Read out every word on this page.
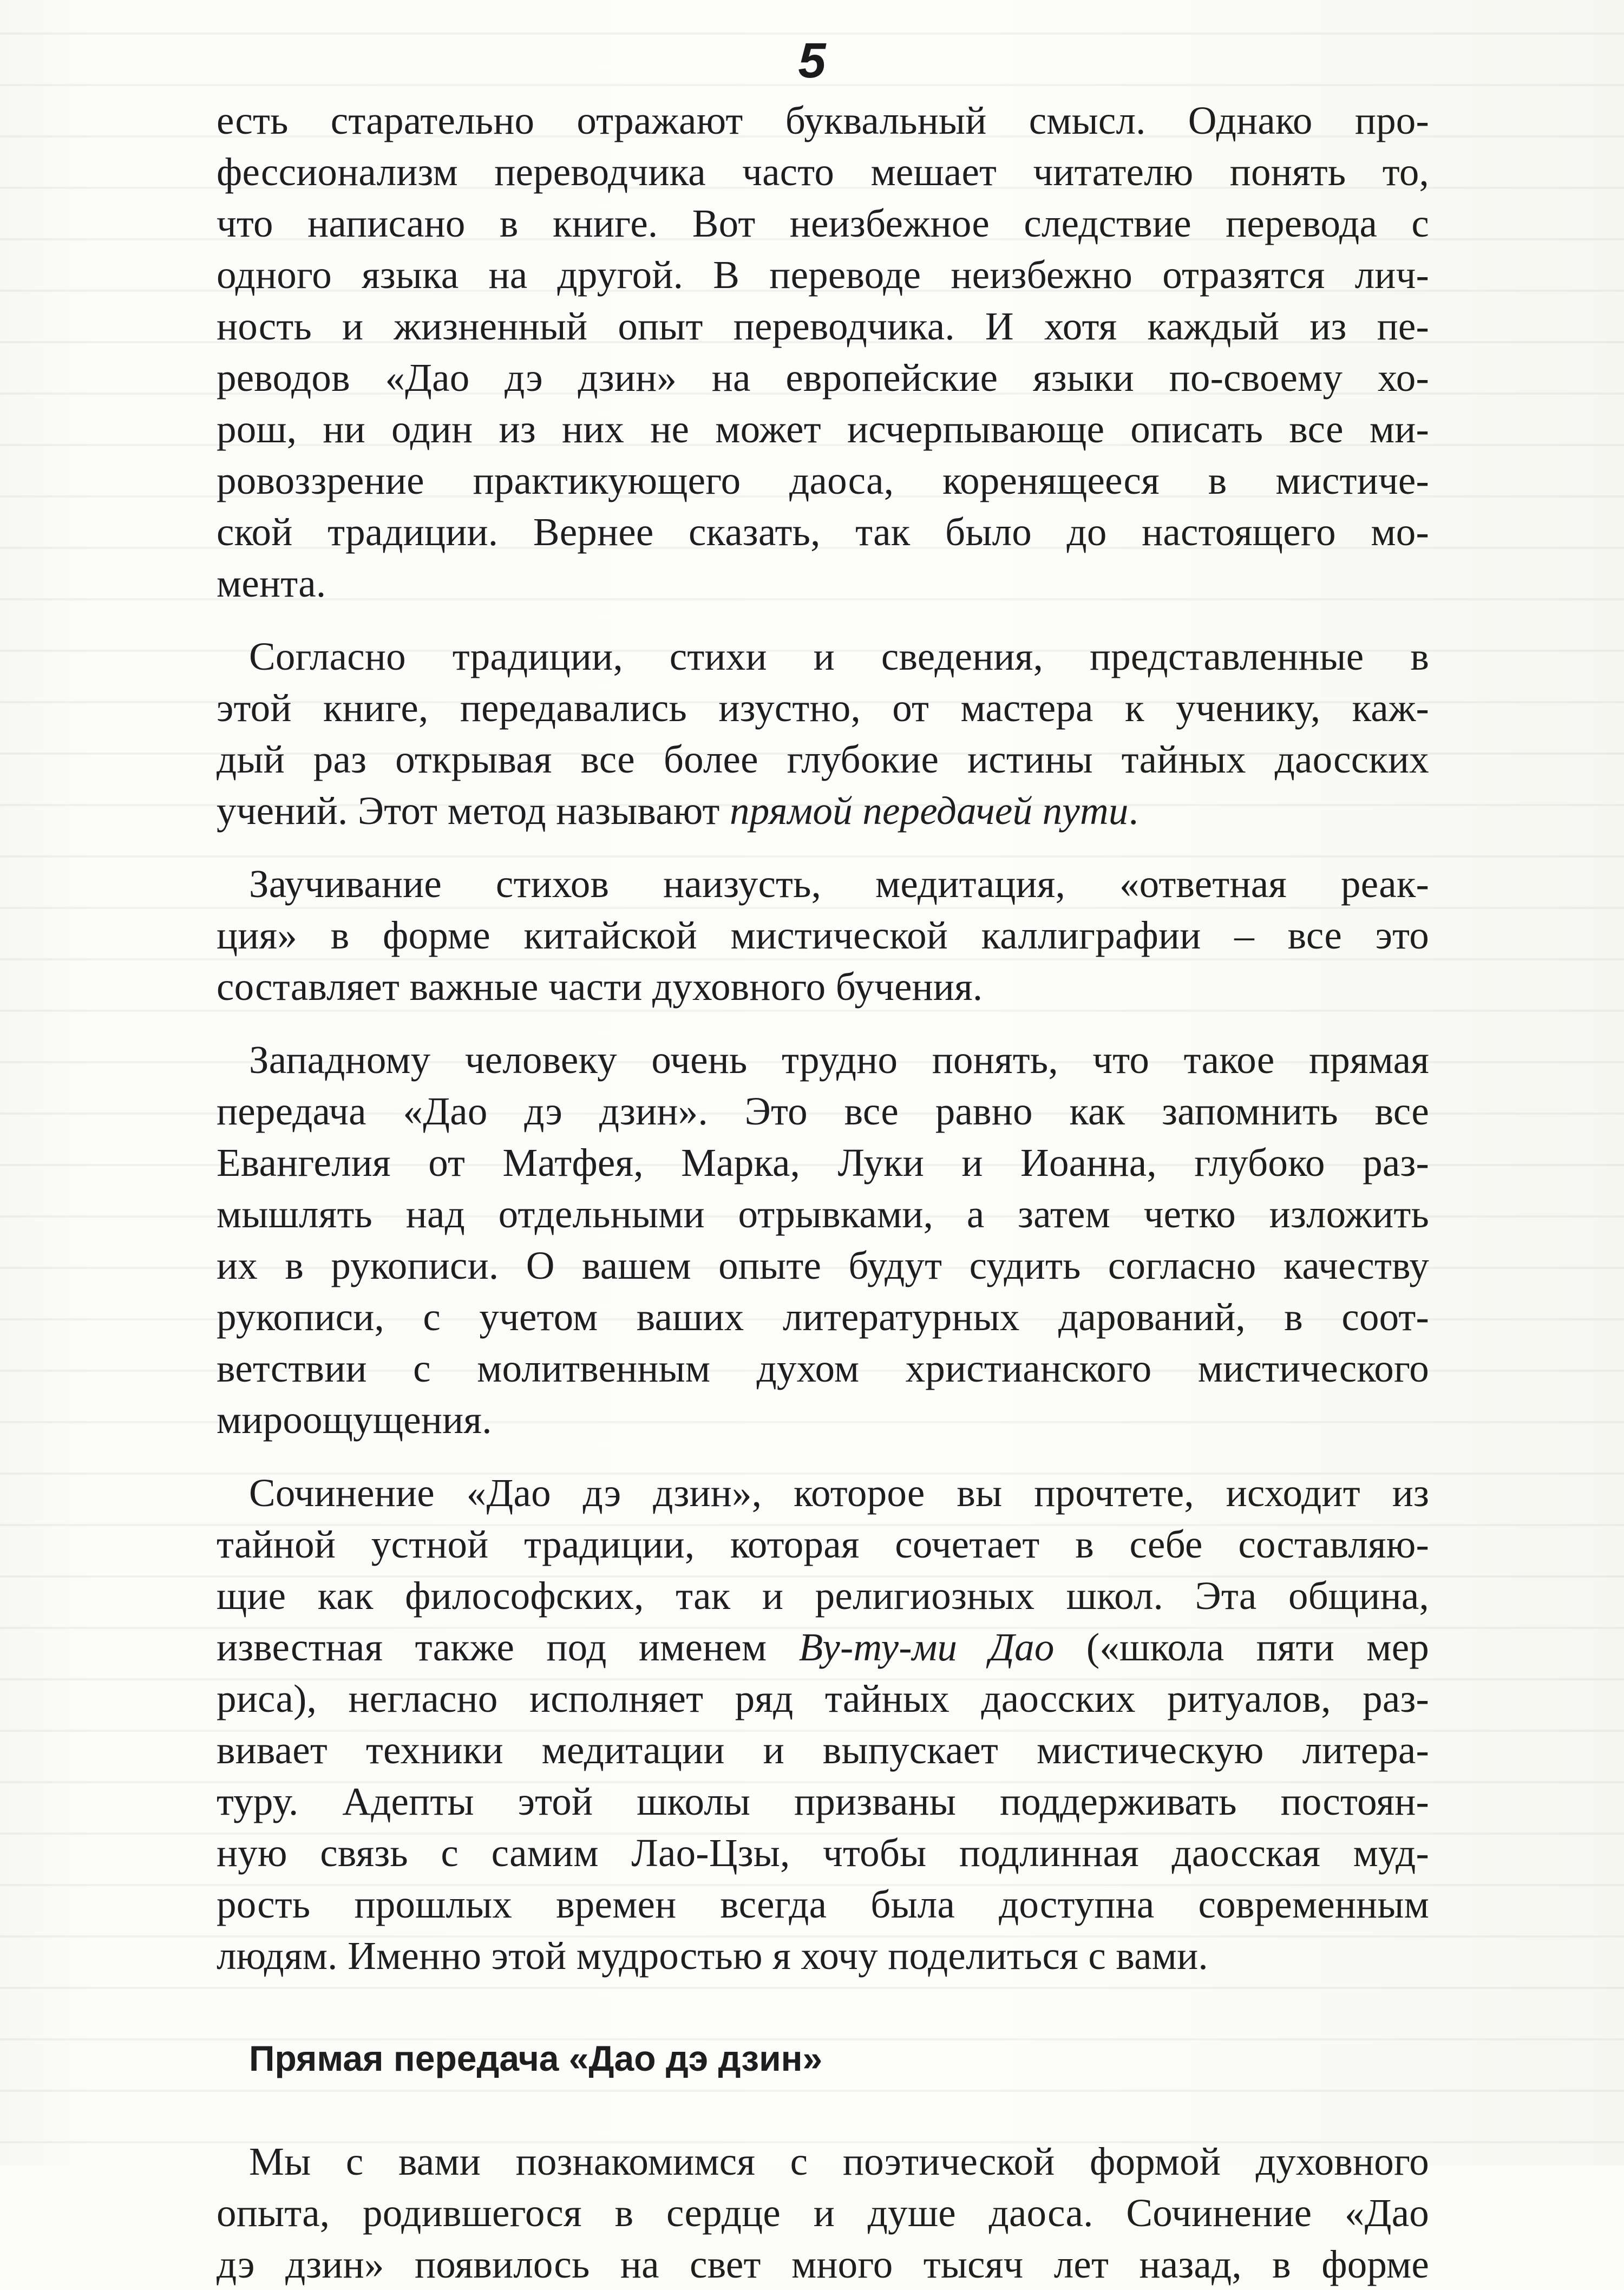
5
есть старательно отражают буквальный смысл. Однако про-
фессионализм переводчика часто мешает читателю понять то,
что написано в книге. Вот неизбежное следствие перевода с
одного языка на другой. В переводе неизбежно отразятся лич-
ность и жизненный опыт переводчика. И хотя каждый из пе-
реводов «Дао дэ дзин» на европейские языки по-своему хо-
рош, ни один из них не может исчерпывающе описать все ми-
ровоззрение практикующего даоса, коренящееся в мистиче-
ской традиции. Вернее сказать, так было до настоящего мо-
мента.
Согласно традиции, стихи и сведения, представленные в
этой книге, передавались изустно, от мастера к ученику, каж-
дый раз открывая все более глубокие истины тайных даосских
учений. Этот метод называют прямой передачей пути.
Заучивание стихов наизусть, медитация, «ответная реак-
ция» в форме китайской мистической каллиграфии – все это
составляет важные части духовного бучения.
Западному человеку очень трудно понять, что такое прямая
передача «Дао дэ дзин». Это все равно как запомнить все
Евангелия от Матфея, Марка, Луки и Иоанна, глубоко раз-
мышлять над отдельными отрывками, а затем четко изложить
их в рукописи. О вашем опыте будут судить согласно качеству
рукописи, с учетом ваших литературных дарований, в соот-
ветствии с молитвенным духом христианского мистического
мироощущения.
Сочинение «Дао дэ дзин», которое вы прочтете, исходит из
тайной устной традиции, которая сочетает в себе составляю-
щие как философских, так и религиозных школ. Эта община,
известная также под именем Ву-ту-ми Дао («школа пяти мер
риса), негласно исполняет ряд тайных даосских ритуалов, раз-
вивает техники медитации и выпускает мистическую литера-
туру. Адепты этой школы призваны поддерживать постоян-
ную связь с самим Лао-Цзы, чтобы подлинная даосская муд-
рость прошлых времен всегда была доступна современным
людям. Именно этой мудростью я хочу поделиться с вами.
Прямая передача «Дао дэ дзин»
Мы с вами познакомимся с поэтической формой духовного
опыта, родившегося в сердце и душе даоса. Сочинение «Дао
дэ дзин» появилось на свет много тысяч лет назад, в форме
